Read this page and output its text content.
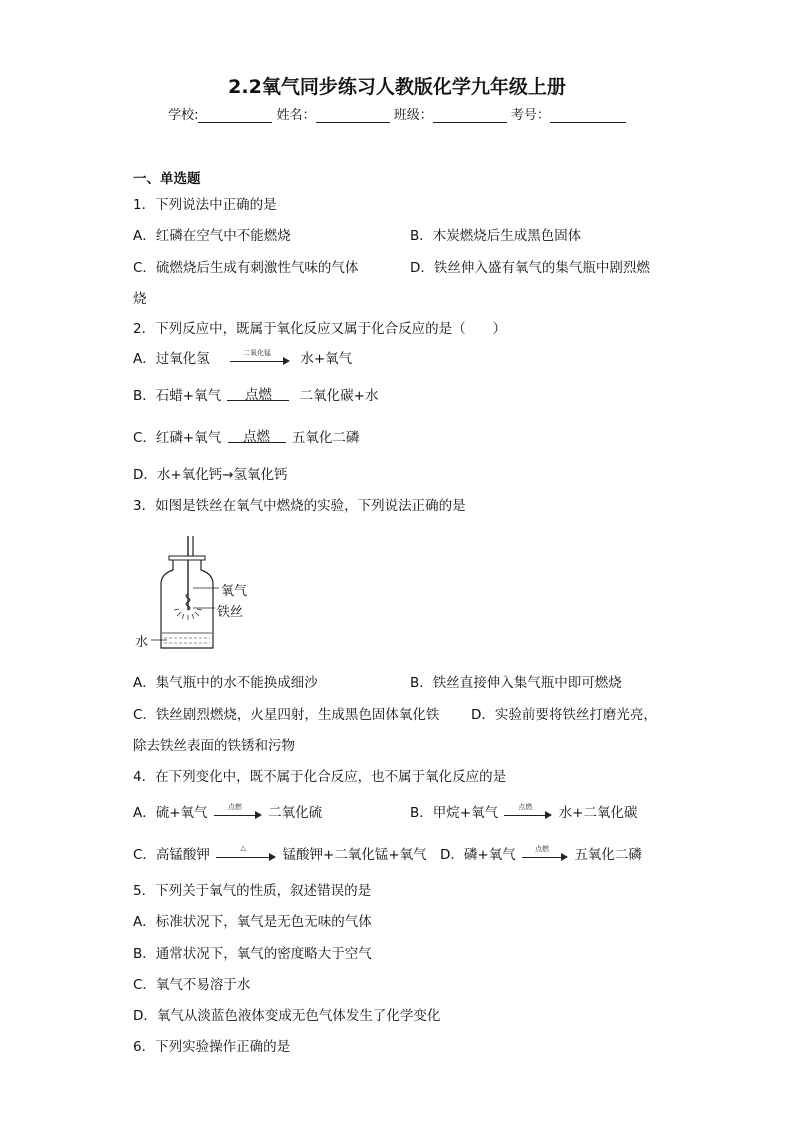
2.2氧气同步练习人教版化学九年级上册
学校:	姓名：	班级：	考号：
一、单选题
1．下列说法中正确的是
A．红磷在空气中不能燃烧	B．木炭燃烧后生成黑色固体
C．硫燃烧后生成有刺激性气味的气体	D．铁丝伸入盛有氧气的集气瓶中剧烈燃
烧
2．下列反应中，既属于氧化反应又属于化合反应的是（　　）
A．过氧化氢	二氧化锰	水+氧气
B．石蜡+氧气	点燃	二氧化碳+水
C．红磷+氧气	点燃	五氧化二磷
D．水+氧化钙→氢氧化钙
3．如图是铁丝在氧气中燃烧的实验，下列说法正确的是
氧气
铁丝
水
A．集气瓶中的水不能换成细沙	B．铁丝直接伸入集气瓶中即可燃烧
C．铁丝剧烈燃烧，火星四射，生成黑色固体氧化铁 D．实验前要将铁丝打磨光亮，
除去铁丝表面的铁锈和污物
4．在下列变化中，既不属于化合反应，也不属于氧化反应的是
A．硫+氧气	点燃	二氧化硫	B．甲烷+氧气	点燃	水+二氧化碳
C．高锰酸钾	△	锰酸钾+二氧化锰+氧气 D．磷+氧气	点燃	五氧化二磷
5．下列关于氧气的性质，叙述错误的是
A．标准状况下，氧气是无色无味的气体
B．通常状况下，氧气的密度略大于空气
C．氧气不易溶于水
D．氧气从淡蓝色液体变成无色气体发生了化学变化
6．下列实验操作正确的是
